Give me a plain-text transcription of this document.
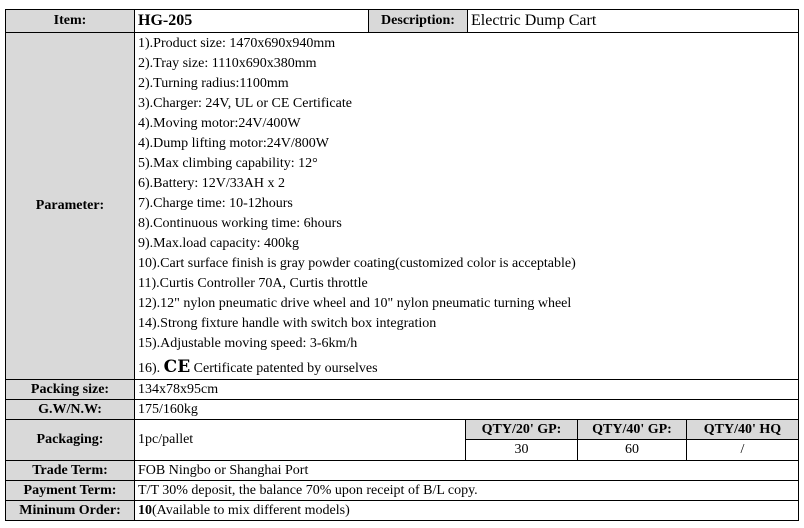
Item:	HG-205	Description:	Electric Dump Cart
Parameter:
1).Product size: 1470x690x940mm
2).Tray size: 1110x690x380mm
2).Turning radius:1100mm
3).Charger: 24V, UL or CE Certificate
4).Moving motor:24V/400W
4).Dump lifting motor:24V/800W
5).Max climbing capability: 12°
6).Battery: 12V/33AH x 2
7).Charge time: 10-12hours
8).Continuous working time: 6hours
9).Max.load capacity: 400kg
10).Cart surface finish is gray powder coating(customized color is acceptable)
11).Curtis Controller 70A, Curtis throttle
12).12" nylon pneumatic drive wheel and 10" nylon pneumatic turning wheel
14).Strong fixture handle with switch box integration
15).Adjustable moving speed: 3-6km/h
16). CE Certificate patented by ourselves
Packing size:	134x78x95cm
G.W/N.W:	175/160kg
Packaging:	1pc/pallet
QTY/20' GP:	QTY/40' GP:	QTY/40' HQ
30	60	/
Trade Term:	FOB Ningbo or Shanghai Port
Payment Term:	T/T 30% deposit, the balance 70% upon receipt of B/L copy.
Mininum Order:	10 (Available to mix different models)
